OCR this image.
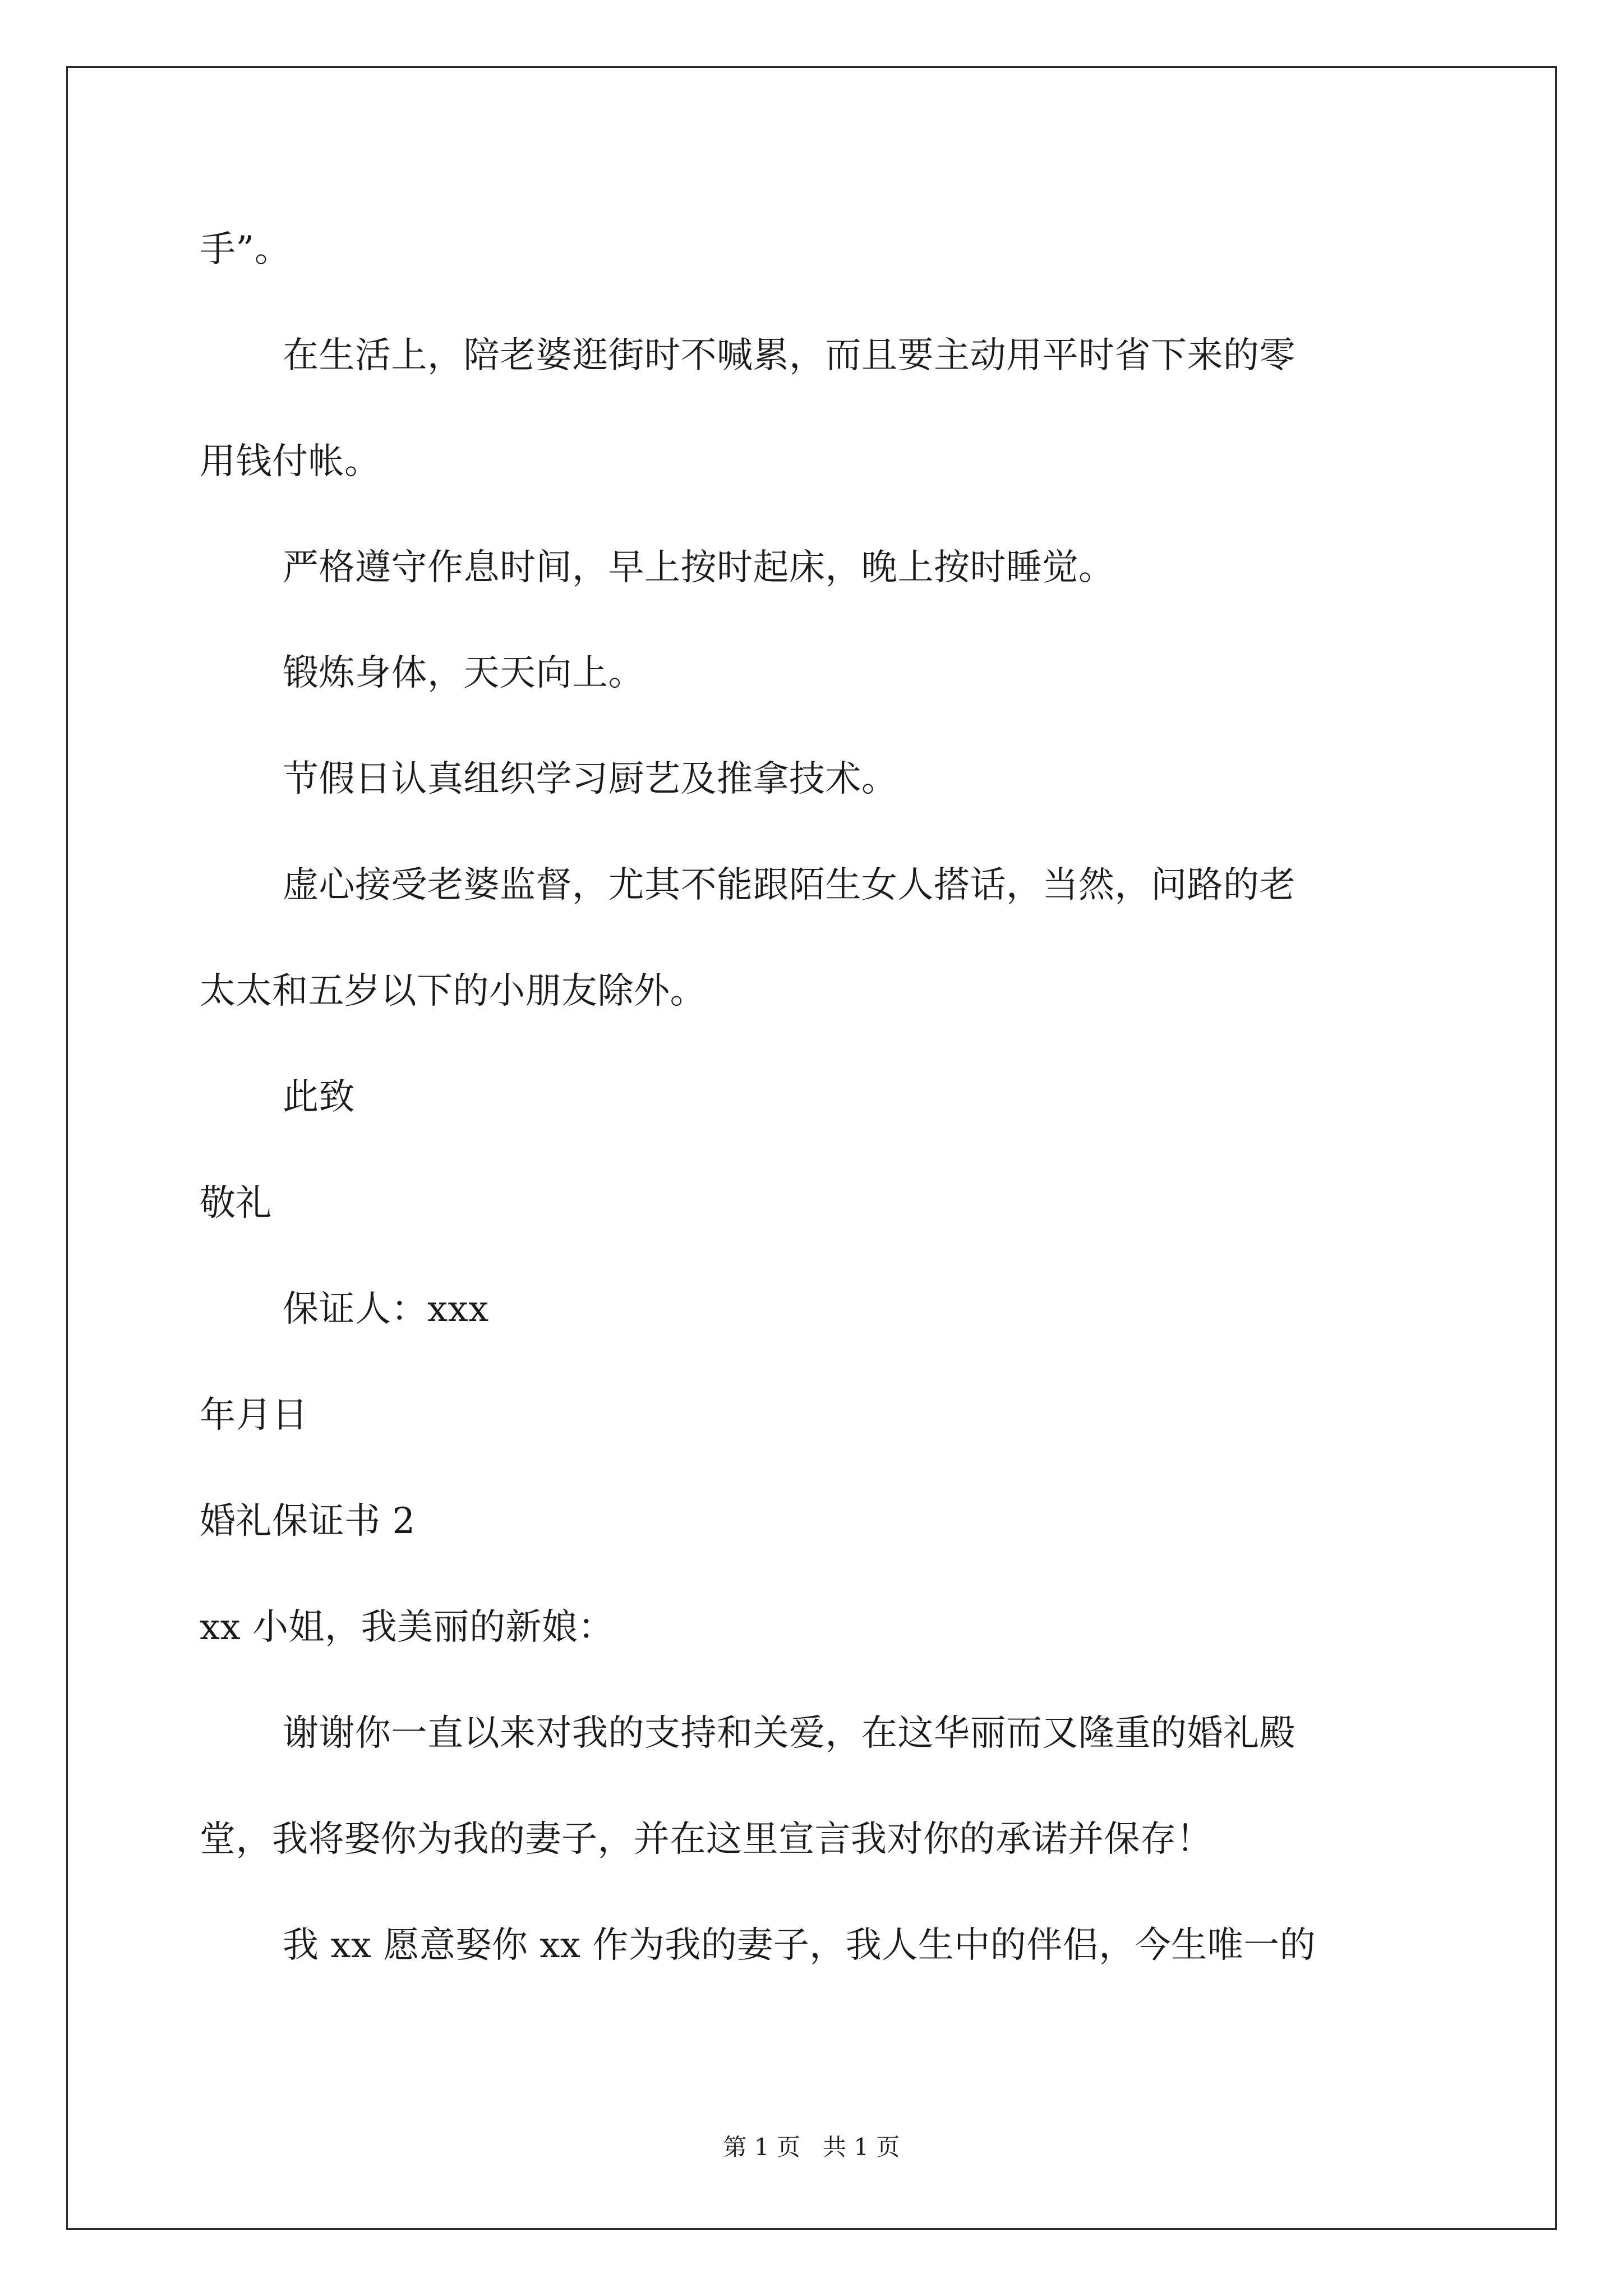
手”。
在生活上，陪老婆逛街时不喊累，而且要主动用平时省下来的零
用钱付帐。
严格遵守作息时间，早上按时起床，晚上按时睡觉。
锻炼身体，天天向上。
节假日认真组织学习厨艺及推拿技术。
虚心接受老婆监督，尤其不能跟陌生女人搭话，当然，问路的老
太太和五岁以下的小朋友除外。
此致
敬礼
保证人：xxx
年月日
婚礼保证书 2
xx 小姐，我美丽的新娘：
谢谢你一直以来对我的支持和关爱，在这华丽而又隆重的婚礼殿
堂，我将娶你为我的妻子，并在这里宣言我对你的承诺并保存！
我 xx 愿意娶你 xx 作为我的妻子，我人生中的伴侣，今生唯一的
第 1 页   共 1 页
